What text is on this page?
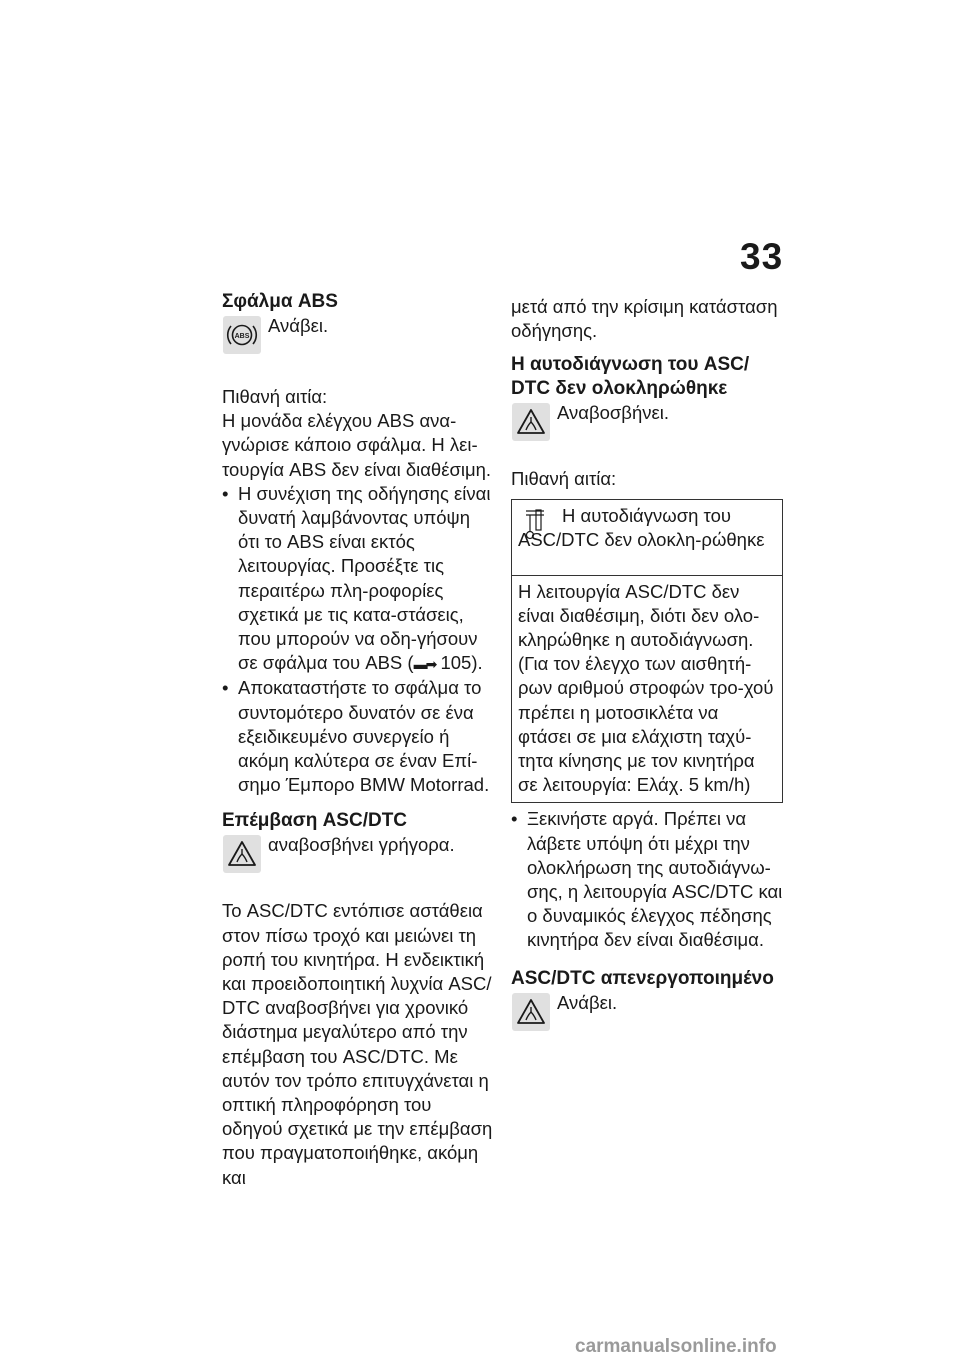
33
Σφάλμα ABS
ABS
Ανάβει.

Πιθανή αιτία:

Η μονάδα ελέγχου ABS ανα-γνώρισε κάποιο σφάλμα. Η λει-τουργία ABS δεν είναι διαθέσιμη.

• Η συνέχιση της οδήγησης είναι δυνατή λαμβάνοντας υπόψη ότι το ABS είναι εκτός λειτουργίας. Προσέξτε τις περαιτέρω πλη-ροφορίες σχετικά με τις κατα-στάσεις, που μπορούν να οδη-γήσουν σε σφάλμα του ABS (▬➡ 105).
• Αποκαταστήστε το σφάλμα το συντομότερο δυνατόν σε ένα εξειδικευμένο συνεργείο ή ακόμη καλύτερα σε έναν Επί-σημο Έμπορο BMW Motorrad.
Επέμβαση ASC/DTC
αναβοσβήνει γρήγορα.

Το ASC/DTC εντόπισε αστάθεια στον πίσω τροχό και μειώνει τη ροπή του κινητήρα. Η ενδεικτική και προειδοποιητική λυχνία ASC/ DTC αναβοσβήνει για χρονικό διάστημα μεγαλύτερο από την επέμβαση του ASC/DTC. Με αυτόν τον τρόπο επιτυγχάνεται η οπτική πληροφόρηση του οδηγού σχετικά με την επέμβαση που πραγματοποιήθηκε, ακόμη και

μετά από την κρίσιμη κατάσταση οδήγησης.

Η αυτοδιάγνωση του ASC/ DTC δεν ολοκληρώθηκε
Αναβοσβήνει.

Πιθανή αιτία:

Η αυτοδιάγνωση του ASC/DTC δεν ολοκλη-ρώθηκε
Η λειτουργία ASC/DTC δεν είναι διαθέσιμη, διότι δεν ολο-κληρώθηκε η αυτοδιάγνωση. (Για τον έλεγχο των αισθητή-ρων αριθμού στροφών τρο-χού πρέπει η μοτοσικλέτα να φτάσει σε μια ελάχιστη ταχύ-τητα κίνησης με τον κινητήρα σε λειτουργία: Ελάχ. 5 km/h)
• Ξεκινήστε αργά. Πρέπει να λάβετε υπόψη ότι μέχρι την ολοκλήρωση της αυτοδιάγνω-σης, η λειτουργία ASC/DTC και ο δυναμικός έλεγχος πέδησης κινητήρα δεν είναι διαθέσιμα.
ASC/DTC απενεργοποιημένο
Ανάβει.
carmanualsonline.info
